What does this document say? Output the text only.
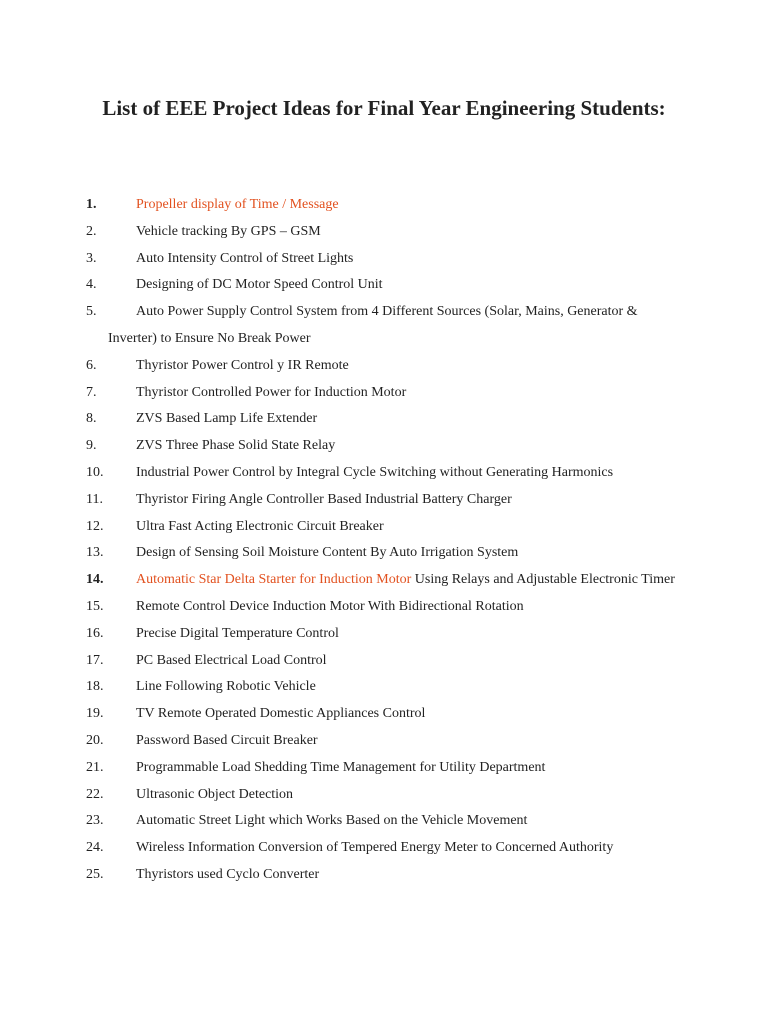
List of EEE Project Ideas for Final Year Engineering Students:
1.	Propeller display of Time / Message
2.	Vehicle tracking By GPS – GSM
3.	Auto Intensity Control of Street Lights
4.	Designing of DC Motor Speed Control Unit
5.	Auto Power Supply Control System from 4 Different Sources (Solar, Mains, Generator & Inverter) to Ensure No Break Power
6.	Thyristor Power Control y IR Remote
7.	Thyristor Controlled Power for Induction Motor
8.	ZVS Based Lamp Life Extender
9.	ZVS Three Phase Solid State Relay
10.	Industrial Power Control by Integral Cycle Switching without Generating Harmonics
11.	Thyristor Firing Angle Controller Based Industrial Battery Charger
12.	Ultra Fast Acting Electronic Circuit Breaker
13.	Design of Sensing Soil Moisture Content By Auto Irrigation System
14.	Automatic Star Delta Starter for Induction Motor Using Relays and Adjustable Electronic Timer
15.	Remote Control Device Induction Motor With Bidirectional Rotation
16.	Precise Digital Temperature Control
17.	PC Based Electrical Load Control
18.	Line Following Robotic Vehicle
19.	TV Remote Operated Domestic Appliances Control
20.	Password Based Circuit Breaker
21.	Programmable Load Shedding Time Management for Utility Department
22.	Ultrasonic Object Detection
23.	Automatic Street Light which Works Based on the Vehicle Movement
24.	Wireless Information Conversion of Tempered Energy Meter to Concerned Authority
25.	Thyristors used Cyclo Converter
